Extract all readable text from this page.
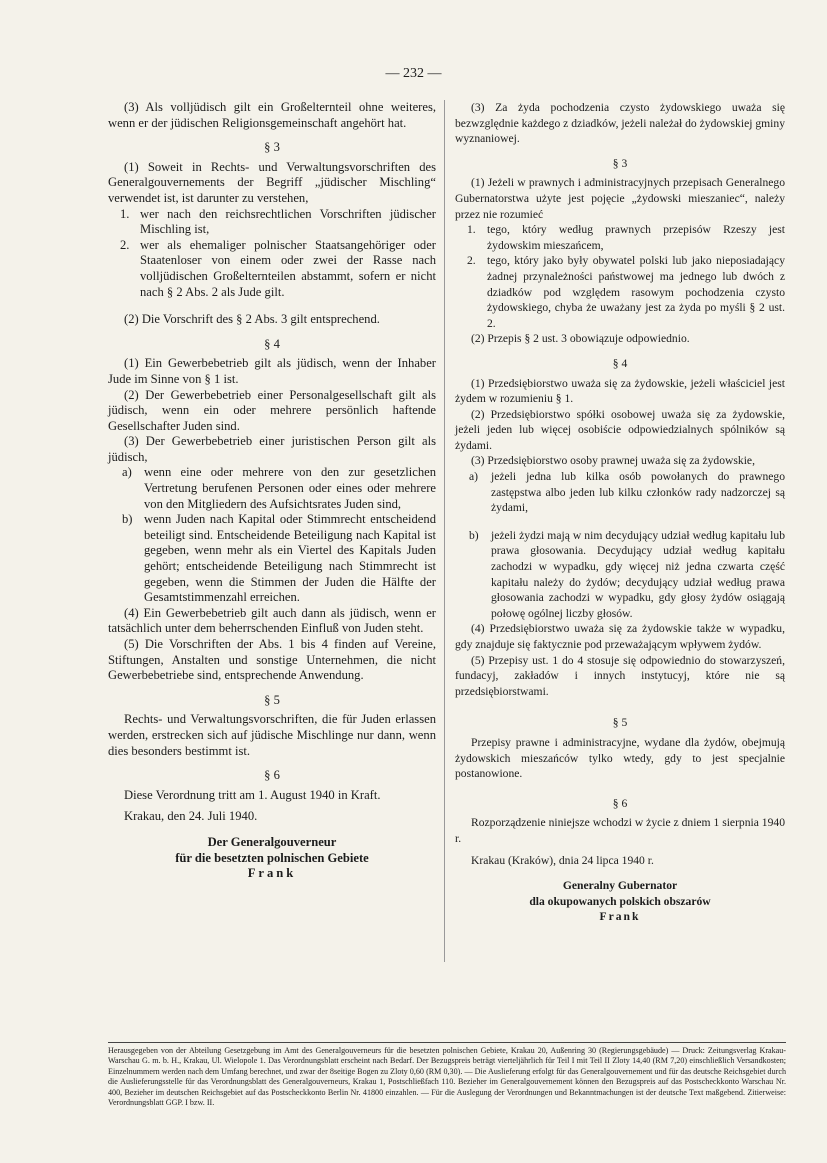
— 232 —

(3) Als volljüdisch gilt ein Großelternteil ohne weiteres, wenn er der jüdischen Religionsgemeinschaft angehört hat.

§ 3

(1) Soweit in Rechts- und Verwaltungsvorschriften des Generalgouvernements der Begriff „jüdischer Mischling“ verwendet ist, ist darunter zu verstehen,

1. wer nach den reichsrechtlichen Vorschriften jüdischer Mischling ist,
2. wer als ehemaliger polnischer Staatsangehöriger oder Staatenloser von einem oder zwei der Rasse nach volljüdischen Großelternteilen abstammt, sofern er nicht nach § 2 Abs. 2 als Jude gilt.

(2) Die Vorschrift des § 2 Abs. 3 gilt entsprechend.

§ 4

(1) Ein Gewerbebetrieb gilt als jüdisch, wenn der Inhaber Jude im Sinne von § 1 ist.

(2) Der Gewerbebetrieb einer Personalgesellschaft gilt als jüdisch, wenn ein oder mehrere persönlich haftende Gesellschafter Juden sind.

(3) Der Gewerbebetrieb einer juristischen Person gilt als jüdisch,

a) wenn eine oder mehrere von den zur gesetzlichen Vertretung berufenen Personen oder eines oder mehrere von den Mitgliedern des Aufsichtsrates Juden sind,
b) wenn Juden nach Kapital oder Stimmrecht entscheidend beteiligt sind. Entscheidende Beteiligung nach Kapital ist gegeben, wenn mehr als ein Viertel des Kapitals Juden gehört; entscheidende Beteiligung nach Stimmrecht ist gegeben, wenn die Stimmen der Juden die Hälfte der Gesamtstimmenzahl erreichen.

(4) Ein Gewerbebetrieb gilt auch dann als jüdisch, wenn er tatsächlich unter dem beherrschenden Einfluß von Juden steht.

(5) Die Vorschriften der Abs. 1 bis 4 finden auf Vereine, Stiftungen, Anstalten und sonstige Unternehmen, die nicht Gewerbebetriebe sind, entsprechende Anwendung.

§ 5

Rechts- und Verwaltungsvorschriften, die für Juden erlassen werden, erstrecken sich auf jüdische Mischlinge nur dann, wenn dies besonders bestimmt ist.

§ 6

Diese Verordnung tritt am 1. August 1940 in Kraft.

Krakau, den 24. Juli 1940.

Der Generalgouverneur
für die besetzten polnischen Gebiete
Frank

(3) Za żyda pochodzenia czysto żydowskiego uważa się bezwzględnie każdego z dziadków, jeżeli należał do żydowskiej gminy wyznaniowej.

§ 3

(1) Jeżeli w prawnych i administracyjnych przepisach Generalnego Gubernatorstwa użyte jest pojęcie „żydowski mieszaniec“, należy przez nie rozumieć

1. tego, który według prawnych przepisów Rzeszy jest żydowskim mieszańcem,
2. tego, który jako były obywatel polski lub jako nieposiadający żadnej przynależności państwowej ma jednego lub dwóch z dziadków pod względem rasowym pochodzenia czysto żydowskiego, chyba że uważany jest za żyda po myśli § 2 ust. 2.

(2) Przepis § 2 ust. 3 obowiązuje odpowiednio.

§ 4

(1) Przedsiębiorstwo uważa się za żydowskie, jeżeli właściciel jest żydem w rozumieniu § 1.

(2) Przedsiębiorstwo spółki osobowej uważa się za żydowskie, jeżeli jeden lub więcej osobiście odpowiedzialnych spólników są żydami.

(3) Przedsiębiorstwo osoby prawnej uważa się za żydowskie,

a)	jeżeli jedna lub kilka osób powołanych do prawnego zastępstwa albo jeden lub kilku członków rady nadzorczej są żydami,
b)	jeżeli żydzi mają w nim decydujący udział według kapitału lub prawa głosowania. Decydujący udział według kapitału zachodzi w wypadku, gdy więcej niż jedna czwarta część kapitału należy do żydów; decydujący udział według prawa głosowania zachodzi w wypadku, gdy głosy żydów osiągają połowę ogólnej liczby głosów.

(4) Przedsiębiorstwo uważa się za żydowskie także w wypadku, gdy znajduje się faktycznie pod przeważającym wpływem żydów.

(5) Przepisy ust. 1 do 4 stosuje się odpowiednio do stowarzyszeń, fundacyj, zakładów i innych instytucyj, które nie są przedsiębiorstwami.

§ 5

Przepisy prawne i administracyjne, wydane dla żydów, obejmują żydowskich mieszańców tylko wtedy, gdy to jest specjalnie postanowione.

§ 6

Rozporządzenie niniejsze wchodzi w życie z dniem 1 sierpnia 1940 r.

Krakau (Kraków), dnia 24 lipca 1940 r.

Generalny Gubernator
dla okupowanych polskich obszarów
Frank
Herausgegeben von der Abteilung Gesetzgebung im Amt des Generalgouverneurs für die besetzten polnischen Gebiete, Krakau 20, Außenring 30 (Regierungsgebäude) — Druck: Zeitungsverlag Krakau-Warschau G. m. b. H., Krakau, Ul. Wielopole 1. Das Verordnungsblatt erscheint nach Bedarf. Der Bezugspreis beträgt vierteljährlich für Teil I mit Teil II Zloty 14,40 (RM 7,20) einschließlich Versandkosten; Einzelnummern werden nach dem Umfang berechnet, und zwar der 8seitige Bogen zu Zloty 0,60 (RM 0,30). — Die Auslieferung erfolgt für das Generalgouvernement und für das deutsche Reichsgebiet durch die Auslieferungsstelle für das Verordnungsblatt des Generalgouverneurs, Krakau 1, Postschließfach 110. Bezieher im Generalgouvernement können den Bezugspreis auf das Postscheckkonto Warschau Nr. 400, Bezieher im deutschen Reichsgebiet auf das Postscheckkonto Berlin Nr. 41800 einzahlen. — Für die Auslegung der Verordnungen und Bekanntmachungen ist der deutsche Text maßgebend. Zitierweise: Verordnungsblatt GGP. I bzw. II.
